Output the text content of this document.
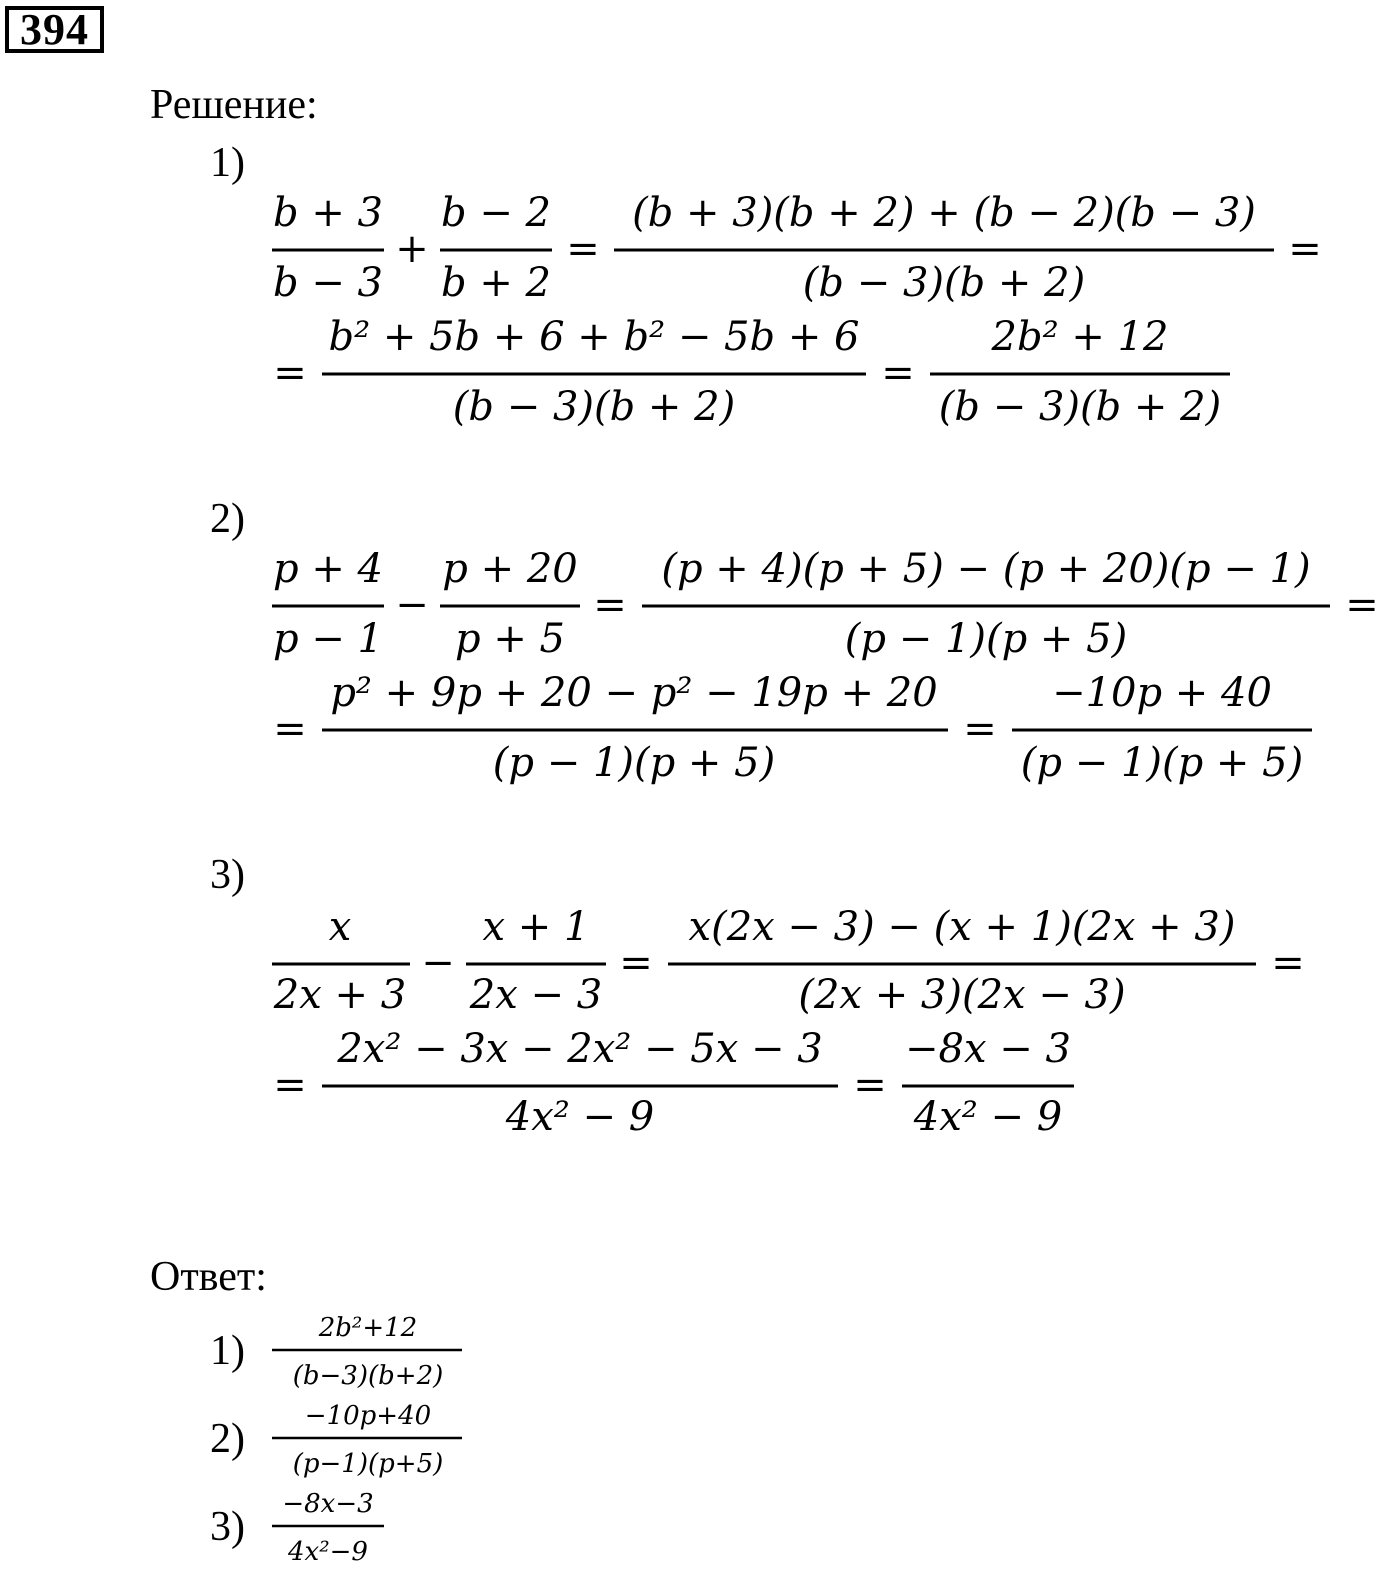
394
Решение:
Ответ:
1)
2)
3)
1)
2)
3)
b + 3
b − 3
+
b − 2
b + 2
=
(b + 3)(b + 2) + (b − 2)(b − 3)
(b − 3)(b + 2)
=
=
b² + 5b + 6 + b² − 5b + 6
(b − 3)(b + 2)
=
2b² + 12
(b − 3)(b + 2)
p + 4
p − 1
−
p + 20
p + 5
=
(p + 4)(p + 5) − (p + 20)(p − 1)
(p − 1)(p + 5)
=
=
p² + 9p + 20 − p² − 19p + 20
(p − 1)(p + 5)
=
−10p + 40
(p − 1)(p + 5)
x
2x + 3
−
x + 1
2x − 3
=
x(2x − 3) − (x + 1)(2x + 3)
(2x + 3)(2x − 3)
=
=
2x² − 3x − 2x² − 5x − 3
4x² − 9
=
−8x − 3
4x² − 9
2b²+12
(b−3)(b+2)
−10p+40
(p−1)(p+5)
−8x−3
4x²−9
